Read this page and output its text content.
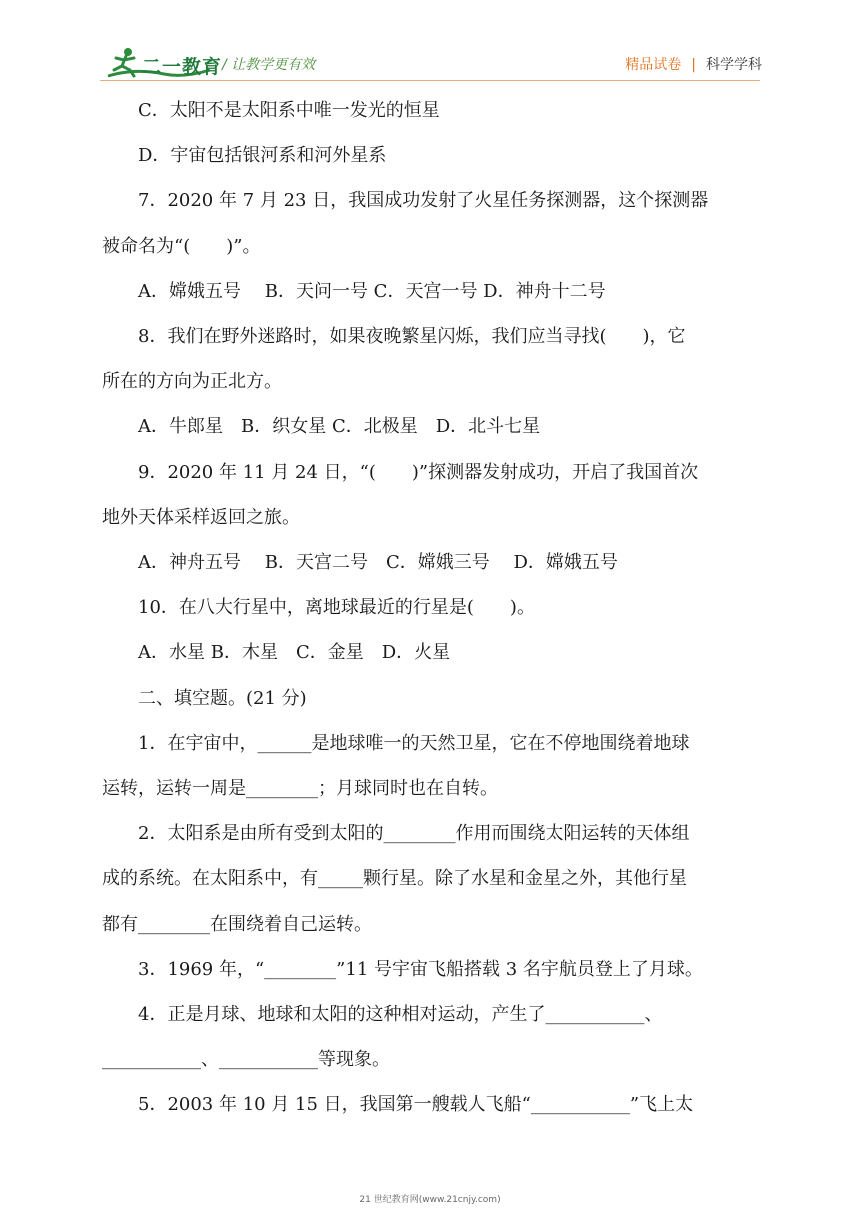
二一教育 / 让教学更有效	精品试卷 | 科学学科

C．太阳不是太阳系中唯一发光的恒星

D．宇宙包括银河系和河外星系

7．2020 年 7 月 23 日，我国成功发射了火星任务探测器，这个探测器

被命名为“(　　)”。

A．嫦娥五号　 B．天问一号 C．天宫一号 D．神舟十二号

8．我们在野外迷路时，如果夜晚繁星闪烁，我们应当寻找(　　)，它

所在的方向为正北方。

A．牛郎星　B．织女星 C．北极星　D．北斗七星

9．2020 年 11 月 24 日，“(　　)”探测器发射成功，开启了我国首次

地外天体采样返回之旅。

A．神舟五号　 B．天宫二号　C．嫦娥三号　 D．嫦娥五号

10．在八大行星中，离地球最近的行星是(　　)。

A．水星 B．木星　C．金星　D．火星

二、填空题。(21 分)

1．在宇宙中，______是地球唯一的天然卫星，它在不停地围绕着地球

运转，运转一周是________；月球同时也在自转。

2．太阳系是由所有受到太阳的________作用而围绕太阳运转的天体组

成的系统。在太阳系中，有_____颗行星。除了水星和金星之外，其他行星

都有________在围绕着自己运转。

3．1969 年，“________”11 号宇宙飞船搭载 3 名宇航员登上了月球。

4．正是月球、地球和太阳的这种相对运动，产生了___________、

___________、___________等现象。

5．2003 年 10 月 15 日，我国第一艘载人飞船“___________”飞上太

21 世纪教育网(www.21cnjy.com)
